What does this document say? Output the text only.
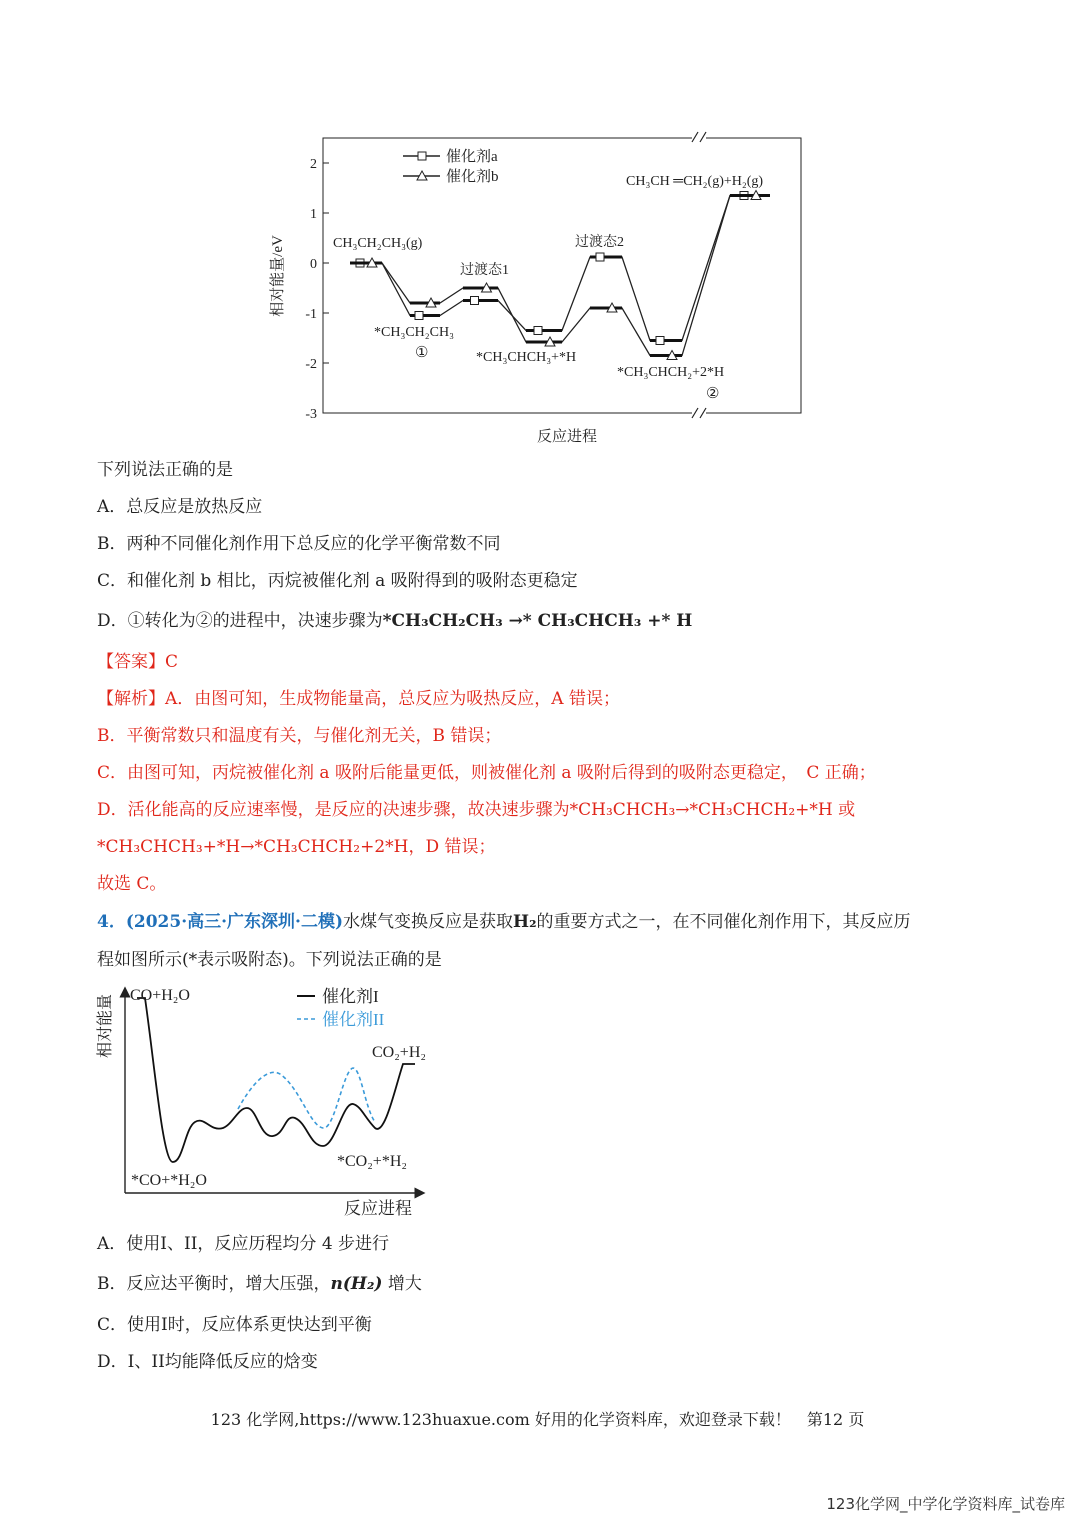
2
1
0
-1
-2
-3
相对能量/eV
反应进程
催化剂a
催化剂b
CH₃CH₂CH₃(g)
过渡态1
过渡态2
*CH₃CH₂CH₃
①	*CH₃CHCH₃+*H
*CH₃CHCH₂+2*H
②
CH₃CH ═CH₂(g)+H₂(g)
下列说法正确的是
A．总反应是放热反应
B．两种不同催化剂作用下总反应的化学平衡常数不同
C．和催化剂 b 相比，丙烷被催化剂 a 吸附得到的吸附态更稳定
D．①转化为②的进程中，决速步骤为*CH₃CH₂CH₃ →* CH₃CHCH₃ +* H
【答案】C
【解析】A．由图可知，生成物能量高，总反应为吸热反应，A 错误；
B．平衡常数只和温度有关，与催化剂无关，B 错误；
C．由图可知，丙烷被催化剂 a 吸附后能量更低，则被催化剂 a 吸附后得到的吸附态更稳定，　C 正确；
D．活化能高的反应速率慢，是反应的决速步骤，故决速步骤为*CH₃CHCH₃→*CH₃CHCH₂+*H 或
*CH₃CHCH₃+*H→*CH₃CHCH₂+2*H，D 错误；
故选 C。
4．(2025·高三·广东深圳·二模)水煤气变换反应是获取H₂的重要方式之一，在不同催化剂作用下，其反应历
程如图所示(*表示吸附态)。下列说法正确的是
相对能量
反应进程
催化剂I
催化剂II
CO+H₂O
*CO+*H₂O
*CO₂+*H₂
CO₂+H₂
A．使用I、II，反应历程均分 4 步进行
B．反应达平衡时，增大压强，n(H₂) 增大
C．使用I时，反应体系更快达到平衡
D．I、II均能降低反应的焓变
123 化学网,https://www.123huaxue.com 好用的化学资料库，欢迎登录下载！　第12 页
123化学网_中学化学资料库_试卷库
